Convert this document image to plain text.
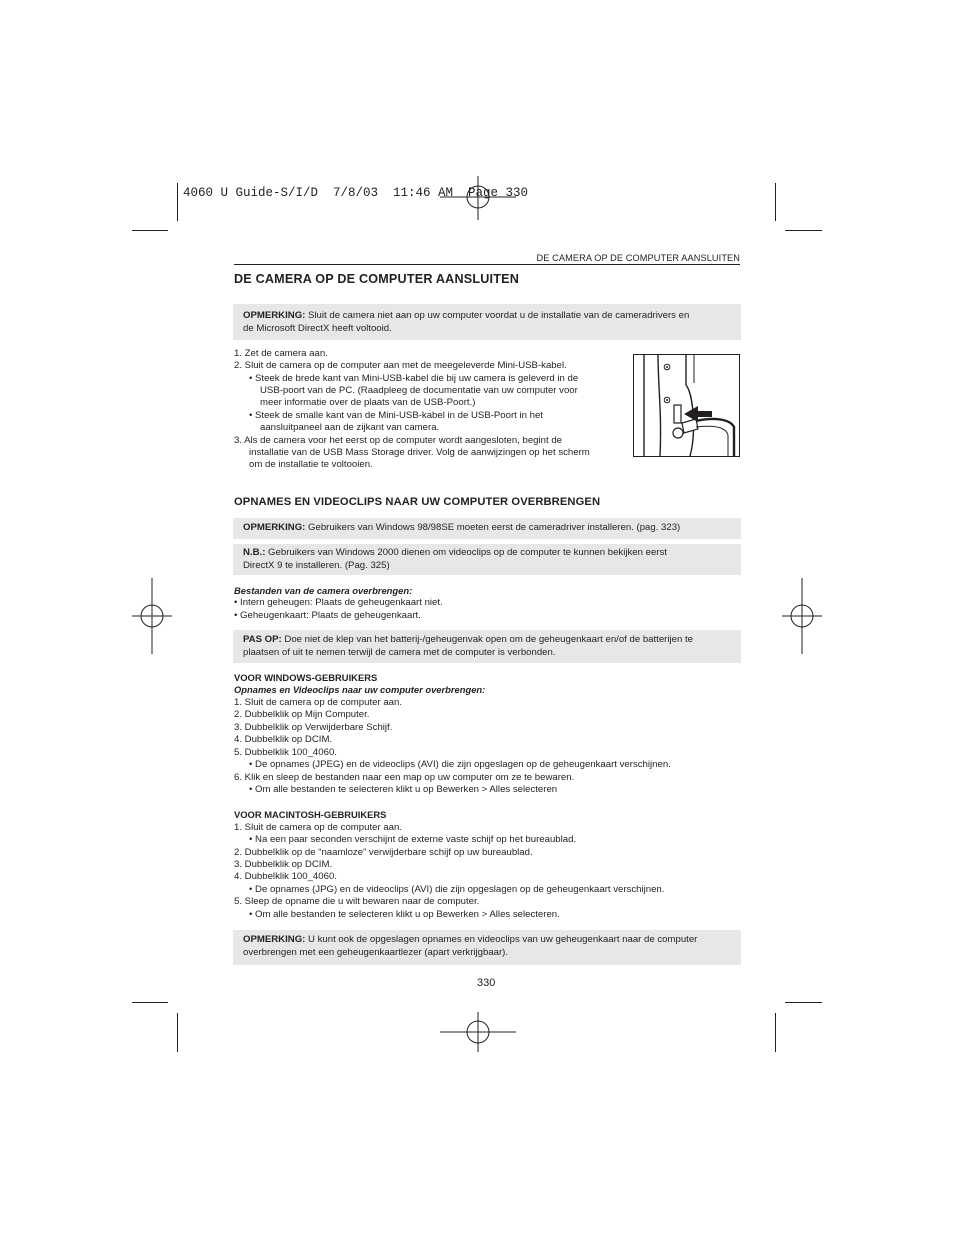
4060 U Guide-S/I/D  7/8/03  11:46 AM  Page 330
DE CAMERA OP DE COMPUTER AANSLUITEN
DE CAMERA OP DE COMPUTER AANSLUITEN
OPMERKING: Sluit de camera niet aan op uw computer voordat u de installatie van de cameradrivers en
de Microsoft DirectX heeft voltooid.
1. Zet de camera aan.
2. Sluit de camera op de computer aan met de meegeleverde Mini-USB-kabel.
• Steek de brede kant van Mini-USB-kabel die bij uw camera is geleverd in de
USB-poort van de PC. (Raadpleeg de documentatie van uw computer voor
meer informatie over de plaats van de USB-Poort.)
• Steek de smalle kant van de Mini-USB-kabel in de USB-Poort in het
aansluitpaneel aan de zijkant van camera.
3. Als de camera voor het eerst op de computer wordt aangesloten, begint de
installatie van de USB Mass Storage driver. Volg de aanwijzingen op het scherm
om de installatie te voltooien.
OPNAMES EN VIDEOCLIPS NAAR UW COMPUTER OVERBRENGEN
OPMERKING: Gebruikers van Windows 98/98SE moeten eerst de cameradriver installeren. (pag. 323)
N.B.: Gebruikers van Windows 2000 dienen om videoclips op de computer te kunnen bekijken eerst
DirectX 9 te installeren. (Pag. 325)
Bestanden van de camera overbrengen:
• Intern geheugen: Plaats de geheugenkaart niet.
• Geheugenkaart: Plaats de geheugenkaart.
PAS OP: Doe niet de klep van het batterij-/geheugenvak open om de geheugenkaart en/of de batterijen te
plaatsen of uit te nemen terwijl de camera met de computer is verbonden.
VOOR WINDOWS-GEBRUIKERS
Opnames en Videoclips naar uw computer overbrengen:
1. Sluit de camera op de computer aan.
2. Dubbelklik op Mijn Computer.
3. Dubbelklik op Verwijderbare Schijf.
4. Dubbelklik op DCIM.
5. Dubbelklik 100_4060.
• De opnames (JPEG) en de videoclips (AVI) die zijn opgeslagen op de geheugenkaart verschijnen.
6. Klik en sleep de bestanden naar een map op uw computer om ze te bewaren.
• Om alle bestanden te selecteren klikt u op Bewerken > Alles selecteren
VOOR MACINTOSH-GEBRUIKERS
1. Sluit de camera op de computer aan.
• Na een paar seconden verschijnt de externe vaste schijf op het bureaublad.
2. Dubbelklik op de “naamloze” verwijderbare schijf op uw bureaublad.
3. Dubbelklik op DCIM.
4. Dubbelklik 100_4060.
• De opnames (JPG) en de videoclips (AVI) die zijn opgeslagen op de geheugenkaart verschijnen.
5. Sleep de opname die u wilt bewaren naar de computer.
• Om alle bestanden te selecteren klikt u op Bewerken > Alles selecteren.
OPMERKING: U kunt ook de opgeslagen opnames en videoclips van uw geheugenkaart naar de computer
overbrengen met een geheugenkaartlezer (apart verkrijgbaar).
330
